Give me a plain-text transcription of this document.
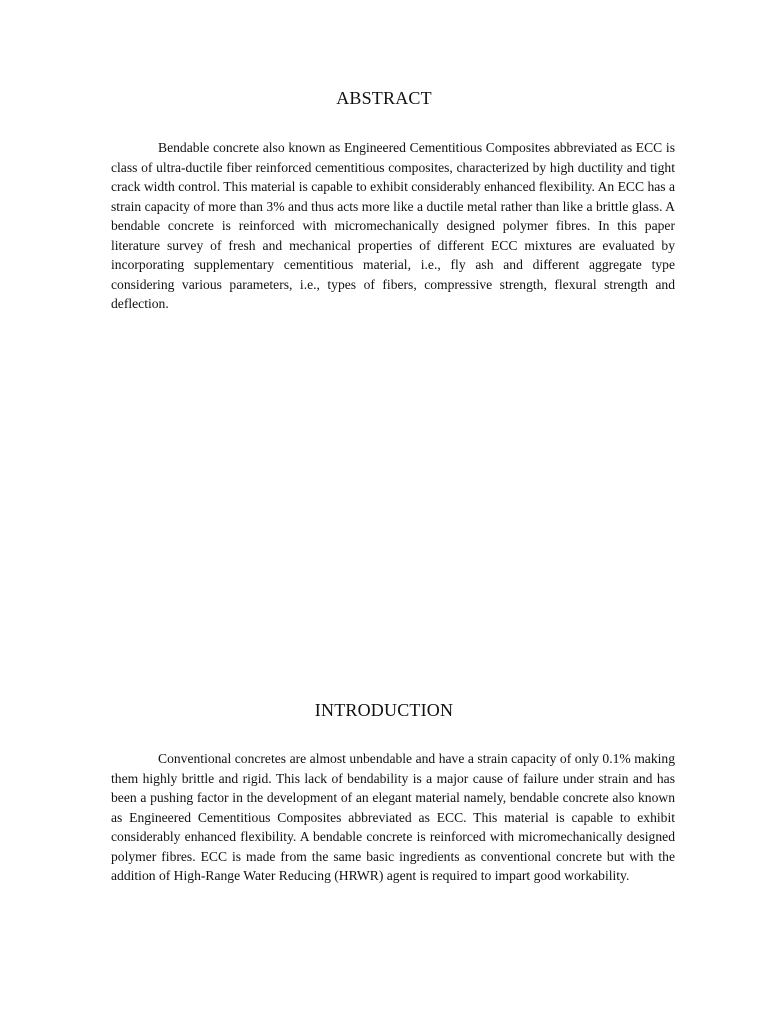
ABSTRACT

Bendable concrete also known as Engineered Cementitious Composites abbreviated as ECC is class of ultra-ductile fiber reinforced cementitious composites, characterized by high ductility and tight crack width control. This material is capable to exhibit considerably enhanced flexibility. An ECC has a strain capacity of more than 3% and thus acts more like a ductile metal rather than like a brittle glass. A bendable concrete is reinforced with micromechanically designed polymer fibres. In this paper literature survey of fresh and mechanical properties of different ECC mixtures are evaluated by incorporating supplementary cementitious material, i.e., fly ash and different aggregate type considering various parameters, i.e., types of fibers, compressive strength, flexural strength and deflection.

INTRODUCTION

Conventional concretes are almost unbendable and have a strain capacity of only 0.1% making them highly brittle and rigid. This lack of bendability is a major cause of failure under strain and has been a pushing factor in the development of an elegant material namely, bendable concrete also known as Engineered Cementitious Composites abbreviated as ECC. This material is capable to exhibit considerably enhanced flexibility. A bendable concrete is reinforced with micromechanically designed polymer fibres. ECC is made from the same basic ingredients as conventional concrete but with the addition of High-Range Water Reducing (HRWR) agent is required to impart good workability.
